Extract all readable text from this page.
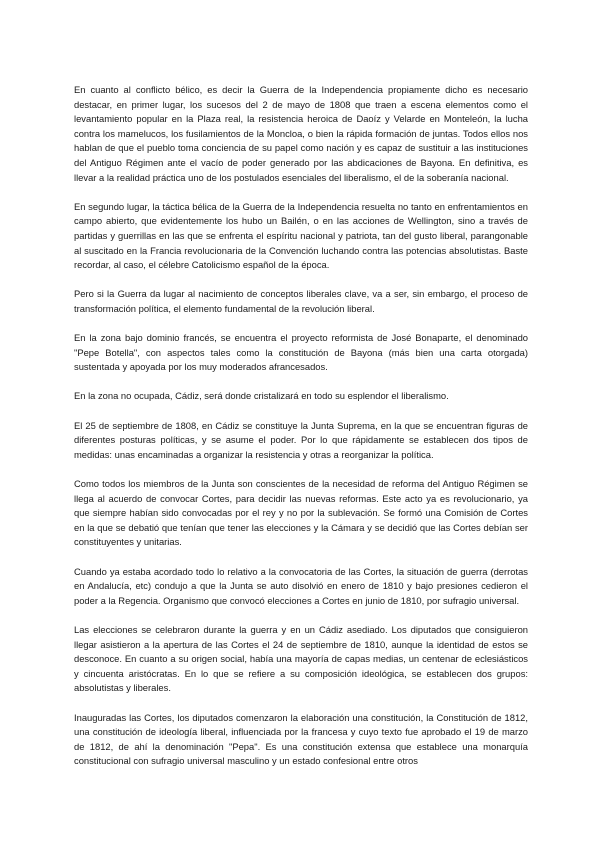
En cuanto al conflicto bélico, es decir la Guerra de la Independencia propiamente dicho es necesario destacar, en primer lugar, los sucesos del 2 de mayo de 1808 que traen a escena elementos como el levantamiento popular en la Plaza real, la resistencia heroica de Daoíz y Velarde en Monteleón, la lucha contra los mamelucos, los fusilamientos de la Moncloa, o bien la rápida formación de juntas. Todos ellos nos hablan de que el pueblo toma conciencia de su papel como nación y es capaz de sustituir a las instituciones del Antiguo Régimen ante el vacío de poder generado por las abdicaciones de Bayona. En definitiva, es llevar a la realidad práctica uno de los postulados esenciales del liberalismo, el de la soberanía nacional.

En segundo lugar, la táctica bélica de la Guerra de la Independencia resuelta no tanto en enfrentamientos en campo abierto, que evidentemente los hubo un Bailén, o en las acciones de Wellington, sino a través de partidas y guerrillas en las que se enfrenta el espíritu nacional y patriota, tan del gusto liberal, parangonable al suscitado en la Francia revolucionaria de la Convención luchando contra las potencias absolutistas. Baste recordar, al caso, el célebre Catolicismo español de la época.

Pero si la Guerra da lugar al nacimiento de conceptos liberales clave, va a ser, sin embargo, el proceso de transformación política, el elemento fundamental de la revolución liberal.

En la zona bajo dominio francés, se encuentra el proyecto reformista de José Bonaparte, el denominado "Pepe Botella", con aspectos tales como la constitución de Bayona (más bien una carta otorgada) sustentada y apoyada por los muy moderados afrancesados.

En la zona no ocupada, Cádiz, será donde cristalizará en todo su esplendor el liberalismo.

El 25 de septiembre de 1808, en Cádiz se constituye la Junta Suprema, en la que se encuentran figuras de diferentes posturas políticas, y se asume el poder. Por lo que rápidamente se establecen dos tipos de medidas: unas encaminadas a organizar la resistencia y otras a reorganizar la política.

Como todos los miembros de la Junta son conscientes de la necesidad de reforma del Antiguo Régimen se llega al acuerdo de convocar Cortes, para decidir las nuevas reformas. Este acto ya es revolucionario, ya que siempre habían sido convocadas por el rey y no por la sublevación. Se formó una Comisión de Cortes en la que se debatió que tenían que tener las elecciones y la Cámara y se decidió que las Cortes debían ser constituyentes y unitarias.

Cuando ya estaba acordado todo lo relativo a la convocatoria de las Cortes, la situación de guerra (derrotas en Andalucía, etc) condujo a que la Junta se auto disolvió en enero de 1810 y bajo presiones cedieron el poder a la Regencia. Organismo que convocó elecciones a Cortes en junio de 1810, por sufragio universal.

Las elecciones se celebraron durante la guerra y en un Cádiz asediado. Los diputados que consiguieron llegar asistieron a la apertura de las Cortes el 24 de septiembre de 1810, aunque la identidad de estos se desconoce. En cuanto a su origen social, había una mayoría de capas medias, un centenar de eclesiásticos y cincuenta aristócratas. En lo que se refiere a su composición ideológica, se establecen dos grupos: absolutistas y liberales.

Inauguradas las Cortes, los diputados comenzaron la elaboración una constitución, la Constitución de 1812, una constitución de ideología liberal, influenciada por la francesa y cuyo texto fue aprobado el 19 de marzo de 1812, de ahí la denominación "Pepa". Es una constitución extensa que establece una monarquía constitucional con sufragio universal masculino y un estado confesional entre otros
